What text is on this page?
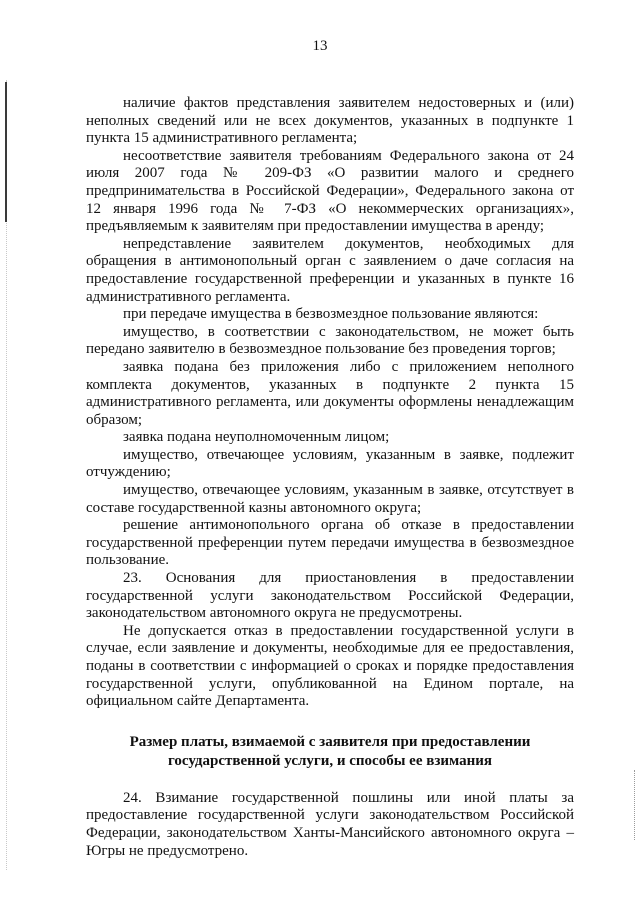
13

наличие фактов представления заявителем недостоверных и (или) неполных сведений или не всех документов, указанных в подпункте 1 пункта 15 административного регламента;

несоответствие заявителя требованиям Федерального закона от 24 июля 2007 года № 209-ФЗ «О развитии малого и среднего предпринимательства в Российской Федерации», Федерального закона от 12 января 1996 года № 7-ФЗ «О некоммерческих организациях», предъявляемым к заявителям при предоставлении имущества в аренду;

непредставление заявителем документов, необходимых для обращения в антимонопольный орган с заявлением о даче согласия на предоставление государственной преференции и указанных в пункте 16 административного регламента.

при передаче имущества в безвозмездное пользование являются:

имущество, в соответствии с законодательством, не может быть передано заявителю в безвозмездное пользование без проведения торгов;

заявка подана без приложения либо с приложением неполного комплекта документов, указанных в подпункте 2 пункта 15 административного регламента, или документы оформлены ненадлежащим образом;

заявка подана неуполномоченным лицом;

имущество, отвечающее условиям, указанным в заявке, подлежит отчуждению;

имущество, отвечающее условиям, указанным в заявке, отсутствует в составе государственной казны автономного округа;

решение антимонопольного органа об отказе в предоставлении государственной преференции путем передачи имущества в безвозмездное пользование.

23. Основания для приостановления в предоставлении государственной услуги законодательством Российской Федерации, законодательством автономного округа не предусмотрены.

Не допускается отказ в предоставлении государственной услуги в случае, если заявление и документы, необходимые для ее предоставления, поданы в соответствии с информацией о сроках и порядке предоставления государственной услуги, опубликованной на Едином портале, на официальном сайте Департамента.

Размер платы, взимаемой с заявителя при предоставлении
государственной услуги, и способы ее взимания

24. Взимание государственной пошлины или иной платы за предоставление государственной услуги законодательством Российской Федерации, законодательством Ханты-Мансийского автономного округа – Югры не предусмотрено.
